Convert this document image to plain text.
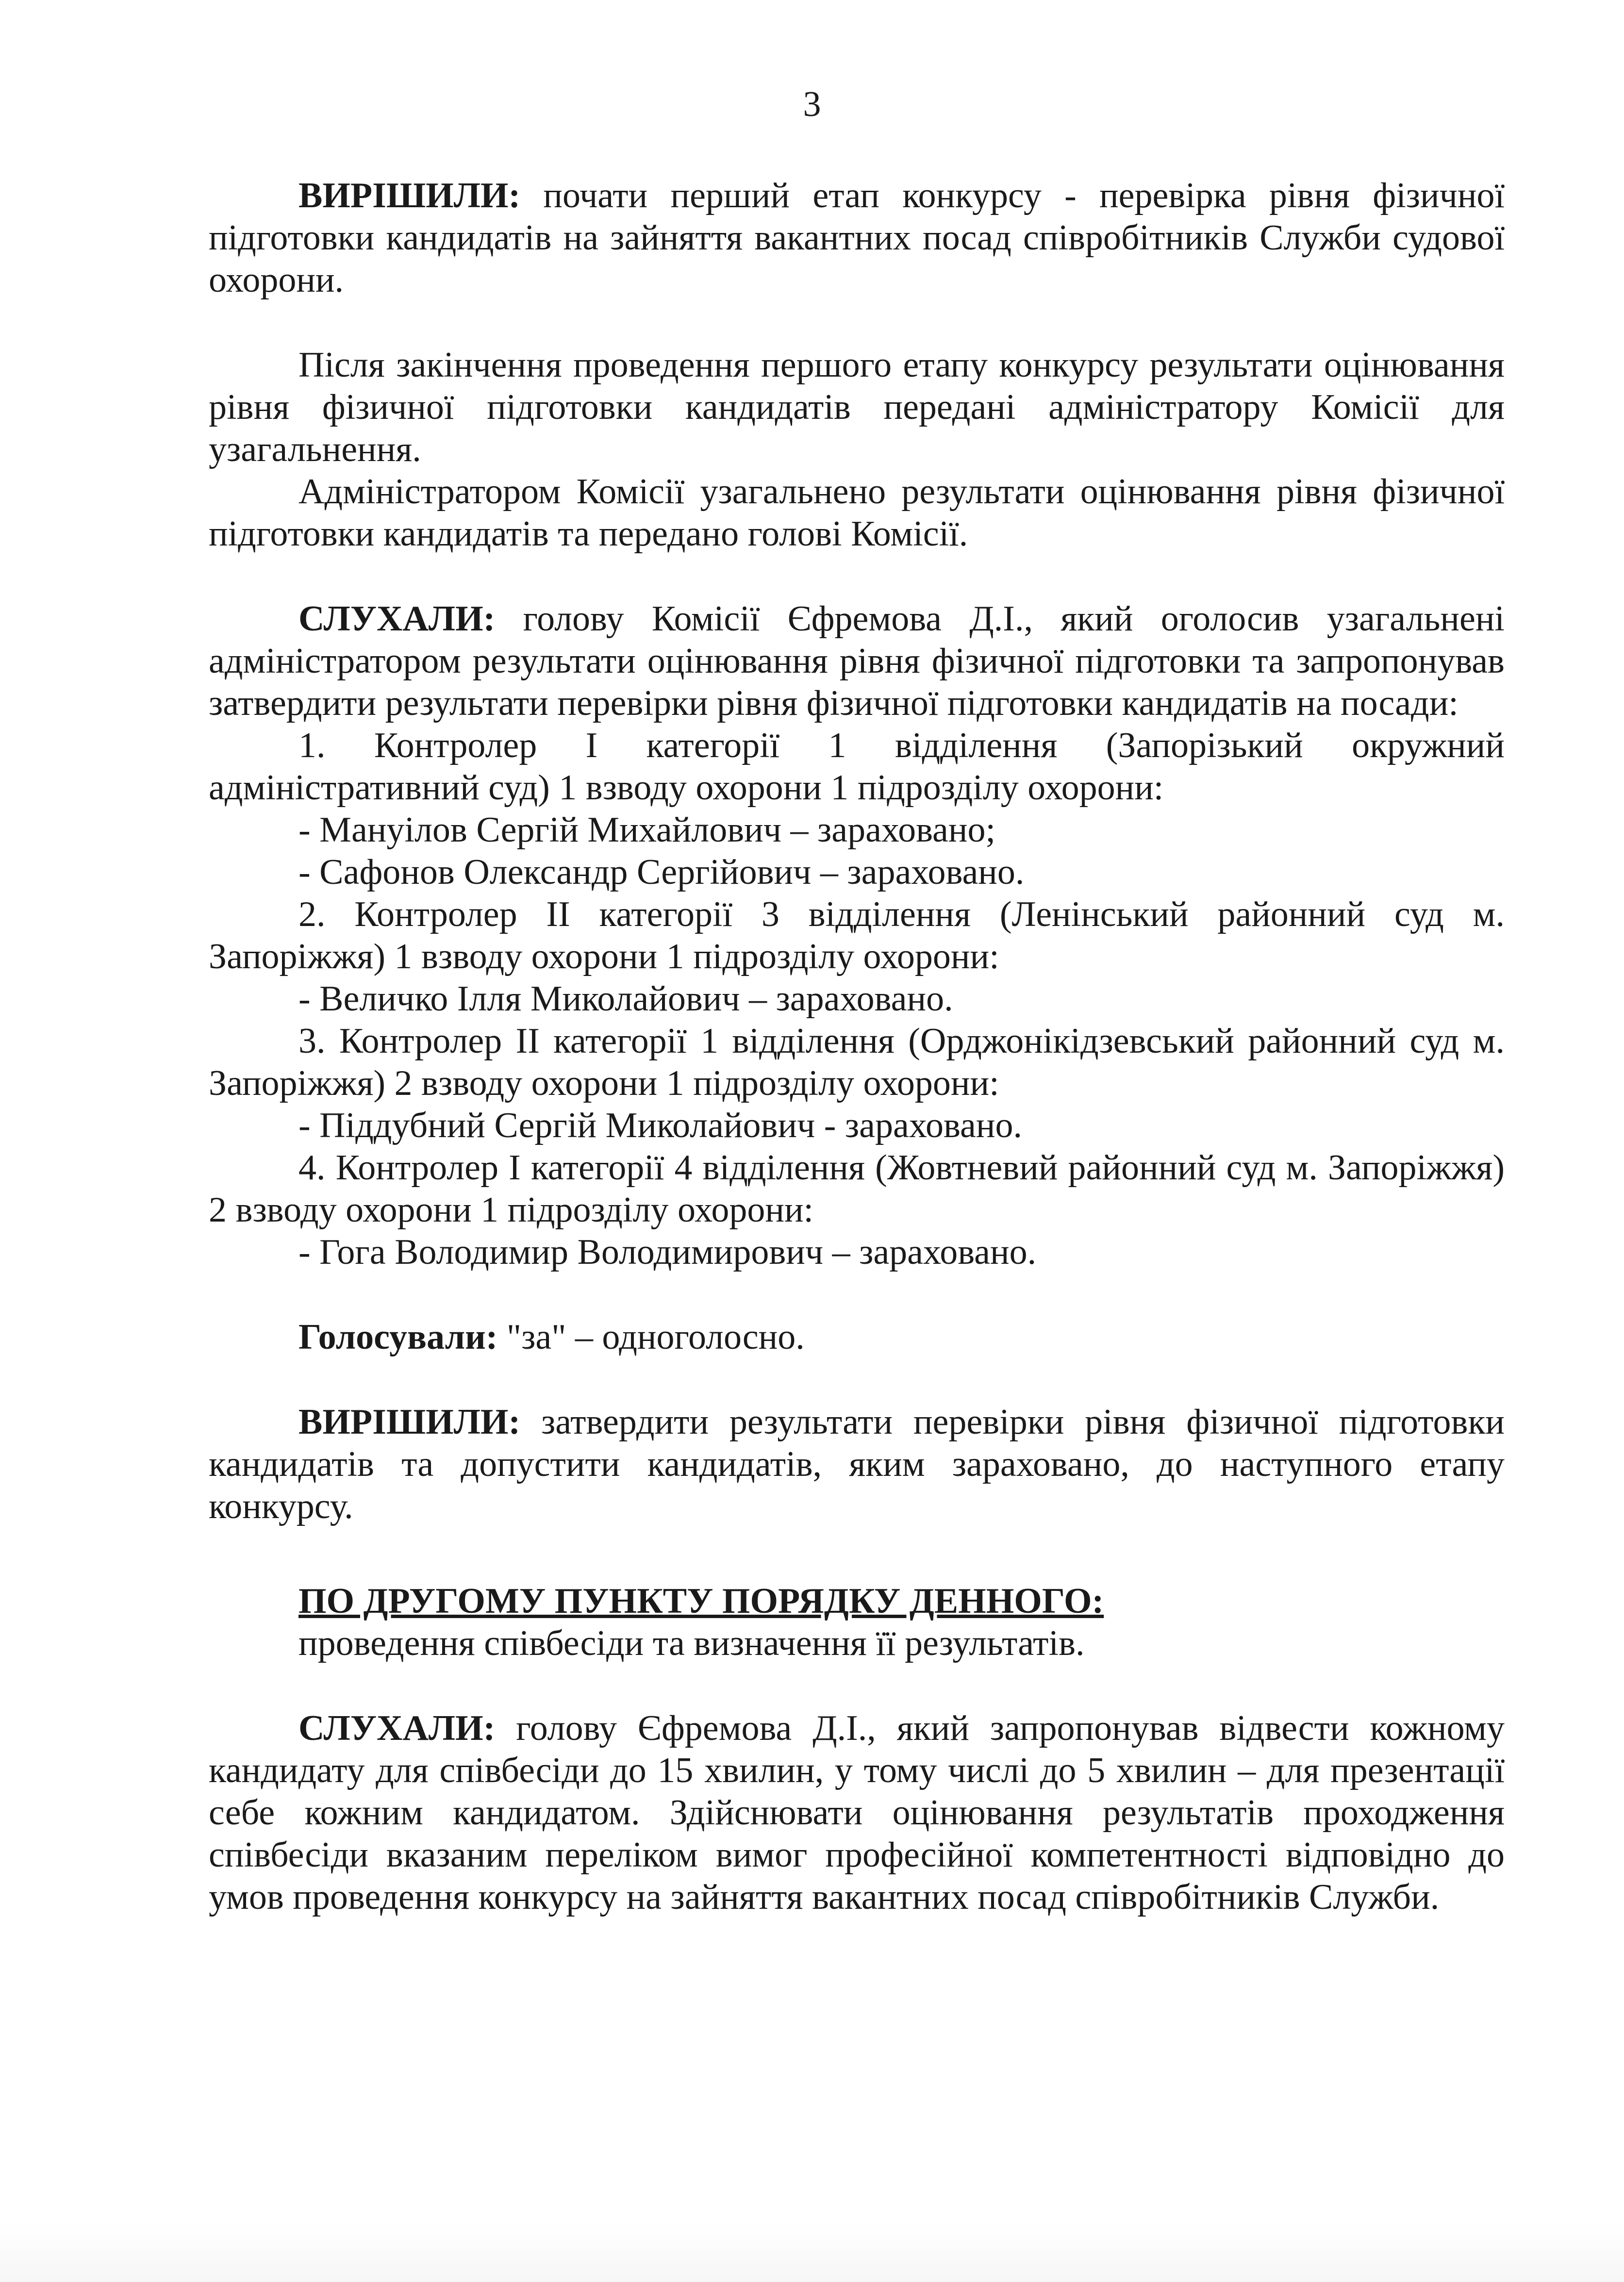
3

ВИРІШИЛИ: почати перший етап конкурсу - перевірка рівня фізичної підготовки кандидатів на зайняття вакантних посад співробітників Служби судової охорони.

Після закінчення проведення першого етапу конкурсу результати оцінювання рівня фізичної підготовки кандидатів передані адміністратору Комісії для узагальнення.

Адміністратором Комісії узагальнено результати оцінювання рівня фізичної підготовки кандидатів та передано голові Комісії.

СЛУХАЛИ: голову Комісії Єфремова Д.І., який оголосив узагальнені адміністратором результати оцінювання рівня фізичної підготовки та запропонував затвердити результати перевірки рівня фізичної підготовки кандидатів на посади:

1. Контролер І категорії 1 відділення (Запорізький окружний адміністративний суд) 1 взводу охорони 1 підрозділу охорони:

- Мануілов Сергій Михайлович – зараховано;

- Сафонов Олександр Сергійович – зараховано.

2. Контролер ІІ категорії 3 відділення (Ленінський районний суд м. Запоріжжя) 1 взводу охорони 1 підрозділу охорони:

- Величко Ілля Миколайович – зараховано.

3. Контролер ІІ категорії 1 відділення (Орджонікідзевський районний суд м. Запоріжжя) 2 взводу охорони 1 підрозділу охорони:

- Піддубний Сергій Миколайович - зараховано.

4. Контролер І категорії 4 відділення (Жовтневий районний суд м. Запоріжжя) 2 взводу охорони 1 підрозділу охорони:

- Гога Володимир Володимирович – зараховано.

Голосували: "за" – одноголосно.

ВИРІШИЛИ: затвердити результати перевірки рівня фізичної підготовки кандидатів та допустити кандидатів, яким зараховано, до наступного етапу конкурсу.

ПО ДРУГОМУ ПУНКТУ ПОРЯДКУ ДЕННОГО:

проведення співбесіди та визначення її результатів.

СЛУХАЛИ: голову Єфремова Д.І., який запропонував відвести кожному кандидату для співбесіди до 15 хвилин, у тому числі до 5 хвилин – для презентації себе кожним кандидатом. Здійснювати оцінювання результатів проходження співбесіди вказаним переліком вимог професійної компетентності відповідно до умов проведення конкурсу на зайняття вакантних посад співробітників Служби.
